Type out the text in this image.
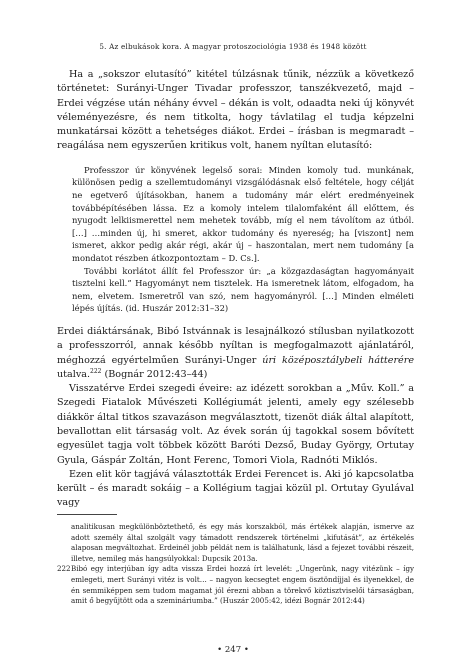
5. Az elbukások kora. A magyar protoszociológia 1938 és 1948 között

Ha a „sokszor elutasító” kitétel túlzásnak tűnik, nézzük a következő történetet: Surányi-Unger Tivadar professzor, tanszékvezető, majd – Erdei végzése után néhány évvel – dékán is volt, odaadta neki új könyvét véleményezésre, és nem titkolta, hogy távlatilag el tudja képzelni munkatársai között a tehetséges diákot. Erdei – írásban is megmaradt – reagálása nem egyszerűen kritikus volt, hanem nyíltan elutasító:

Professzor úr könyvének legelső sorai: Minden komoly tud. munkának, különösen pedig a szellemtudományi vizsgálódásnak első feltétele, hogy célját ne egetverő újításokban, hanem a tudomány már elért eredményeinek továbbépítésében lássa. Ez a komoly intelem tilalomfaként áll előttem, és nyugodt lelkiismerettel nem mehetek tovább, míg el nem távolítom az útból. […] …minden új, hi smeret, akkor tudomány és nyereség; ha [viszont] nem ismeret, akkor pedig akár régi, akár új – haszontalan, mert nem tudomány [a mondatot részben átkozpontoztam – D. Cs.].

További korlátot állít fel Professzor úr: „a közgazdaságtan hagyományait tisztelni kell.” Hagyományt nem tisztelek. Ha ismeretnek látom, elfogadom, ha nem, elvetem. Ismeretről van szó, nem hagyományról. […] Minden elméleti lépés újítás. (id. Huszár 2012:31–32)

Erdei diáktársának, Bibó Istvánnak is lesajnálkozó stílusban nyilatkozott a professzorról, annak később nyíltan is megfogalmazott ajánlatáról, méghozzá egyértelműen Surányi-Unger úri középosztálybeli hátterére utalva.$^{222}$ (Bognár 2012:43–44)

Visszatérve Erdei szegedi éveire: az idézett sorokban a „Műv. Koll.” a Szegedi Fiatalok Művészeti Kollégiumát jelenti, amely egy szélesebb diákkör által titkos szavazáson megválasztott, tizenöt diák által alapított, bevallottan elit társaság volt. Az évek során új tagokkal sosem bővített egyesület tagja volt többek között Baróti Dezső, Buday György, Ortutay Gyula, Gáspár Zoltán, Hont Ferenc, Tomori Viola, Radnóti Miklós.

Ezen elit kör tagjává választották Erdei Ferencet is. Aki jó kapcsolatba került – és maradt sokáig – a Kollégium tagjai közül pl. Ortutay Gyulával vagy

analitikusan megkülönböztethető, és egy más korszakból, más értékek alapján, ismerve az adott személy által szolgált vagy támadott rendszerek történelmi „kifutását”, az értékelés alaposan megváltozhat. Erdeinél jobb példát nem is találhatunk, lásd a fejezet további részeit, illetve, nemileg más hangsúlyokkal: Dupcsik 2013a.
222 Bibó egy interjúban így adta vissza Erdei hozzá írt levelét: „Ungerünk, nagy vitézünk – így emlegeti, mert Surányi vitéz is volt… – nagyon kecsegtet engem ösztöndíjjal és ilyenekkel, de én semmiképpen sem tudom magamat jól érezni abban a törekvő köztisztviselői társaságban, amit ő begyűjtött oda a szemináriumba.” (Huszár 2005:42, idézi Bognár 2012:44)
• 247 •
